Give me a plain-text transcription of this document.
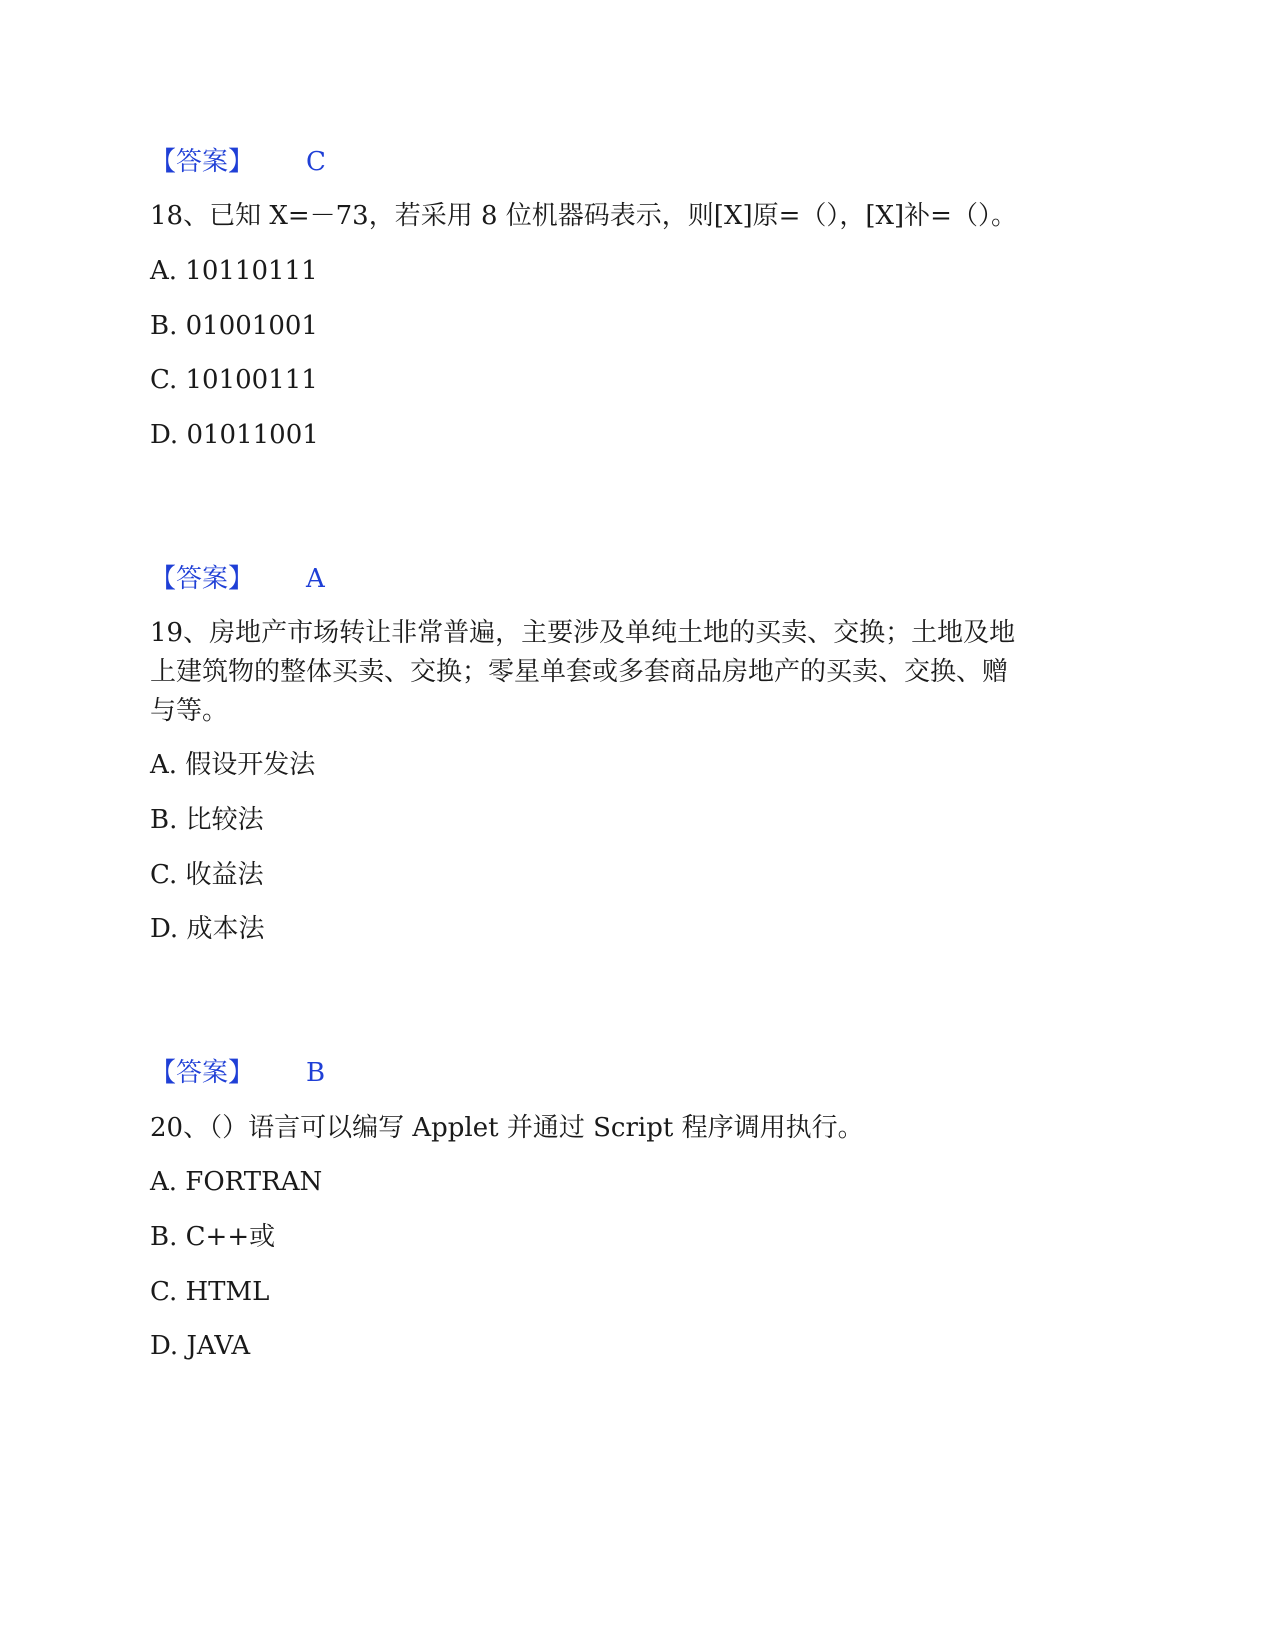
【答案】 C
18、已知 X=－73，若采用 8 位机器码表示，则[X]原=（），[X]补=（）。
A. 10110111
B. 01001001
C. 10100111
D. 01011001
【答案】 A
19、房地产市场转让非常普遍，主要涉及单纯土地的买卖、交换；土地及地
上建筑物的整体买卖、交换；零星单套或多套商品房地产的买卖、交换、赠
与等。
A. 假设开发法
B. 比较法
C. 收益法
D. 成本法
【答案】 B
20、（）语言可以编写 Applet 并通过 Script 程序调用执行。
A. FORTRAN
B. C++或
C. HTML
D. JAVA
